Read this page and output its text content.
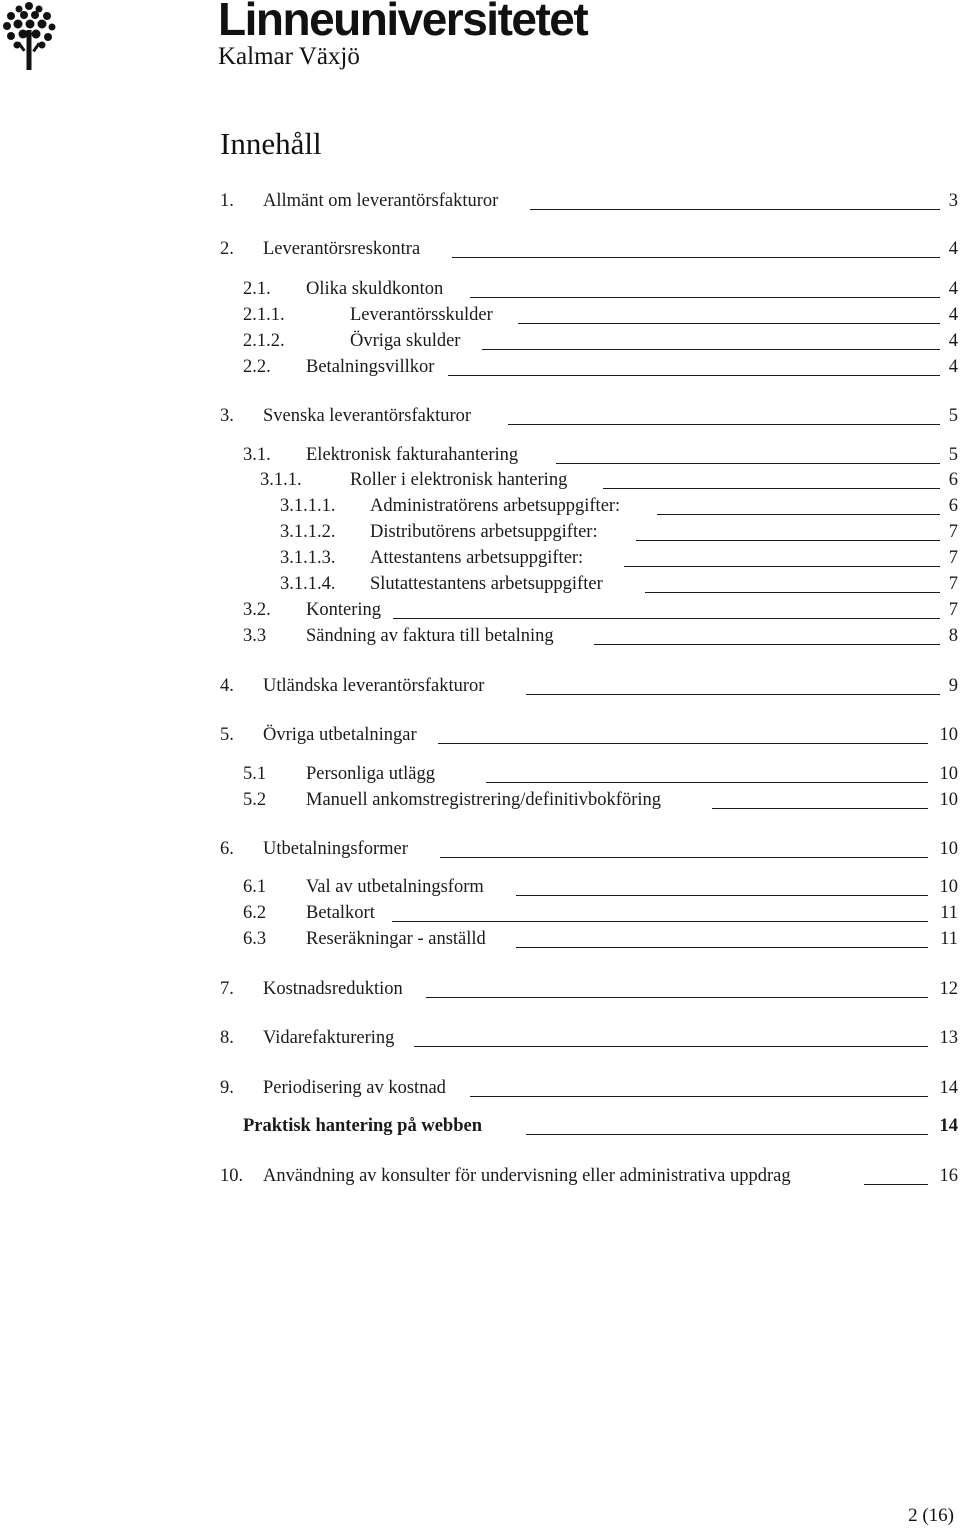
Linneuniversitetet
Kalmar Växjö
Innehåll
1. Allmänt om leverantörsfakturor	3
2. Leverantörsreskontra	4
2.1. Olika skuldkonton	4
2.1.1.	Leverantörsskulder	4
2.1.2.	Övriga skulder	4
2.2. Betalningsvillkor	4
3. Svenska leverantörsfakturor	5
3.1. Elektronisk fakturahantering	5
3.1.1.	Roller i elektronisk hantering	6
3.1.1.1. Administratörens arbetsuppgifter:	6
3.1.1.2. Distributörens arbetsuppgifter:	7
3.1.1.3. Attestantens arbetsuppgifter:	7
3.1.1.4. Slutattestantens arbetsuppgifter	7
3.2. Kontering	7
3.3 Sändning av faktura till betalning	8
4. Utländska leverantörsfakturor	9
5. Övriga utbetalningar	10
5.1 Personliga utlägg	10
5.2 Manuell ankomstregistrering/definitivbokföring	10
6. Utbetalningsformer	10
6.1 Val av utbetalningsform	10
6.2 Betalkort	11
6.3 Reseräkningar - anställd	11
7. Kostnadsreduktion	12
8. Vidarefakturering	13
9. Periodisering av kostnad	14
Praktisk hantering på webben	14
10. Användning av konsulter för undervisning eller administrativa uppdrag	16
2 (16)
